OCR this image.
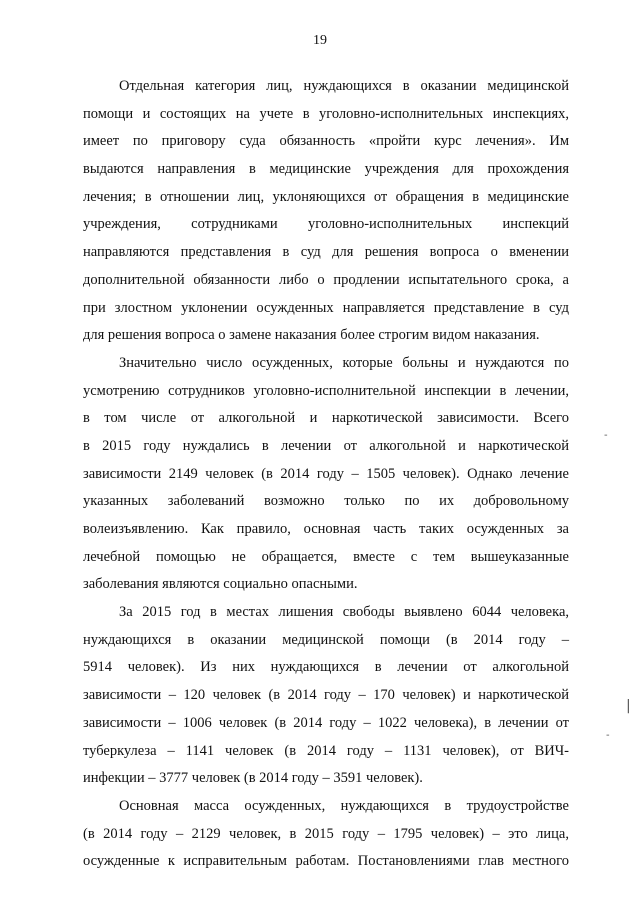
19
Отдельная категория лиц, нуждающихся в оказании медицинской
помощи и состоящих на учете в уголовно-исполнительных инспекциях,
имеет по приговору суда обязанность «пройти курс лечения». Им
выдаются направления в медицинские учреждения для прохождения
лечения; в отношении лиц, уклоняющихся от обращения в медицинские
учреждения, сотрудниками уголовно-исполнительных инспекций
направляются представления в суд для решения вопроса о вменении
дополнительной обязанности либо о продлении испытательного срока, а
при злостном уклонении осужденных направляется представление в суд
для решения вопроса о замене наказания более строгим видом наказания.
Значительно число осужденных, которые больны и нуждаются по
усмотрению сотрудников уголовно-исполнительной инспекции в лечении,
в том числе от алкогольной и наркотической зависимости. Всего
в 2015 году нуждались в лечении от алкогольной и наркотической
зависимости 2149 человек (в 2014 году – 1505 человек). Однако лечение
указанных заболеваний возможно только по их добровольному
волеизъявлению. Как правило, основная часть таких осужденных за
лечебной помощью не обращается, вместе с тем вышеуказанные
заболевания являются социально опасными.
За 2015 год в местах лишения свободы выявлено 6044 человека,
нуждающихся в оказании медицинской помощи (в 2014 году –
5914 человек). Из них нуждающихся в лечении от алкогольной
зависимости – 120 человек (в 2014 году – 170 человек) и наркотической
зависимости – 1006 человек (в 2014 году – 1022 человека), в лечении от
туберкулеза – 1141 человек (в 2014 году – 1131 человек), от ВИЧ-
инфекции – 3777 человек (в 2014 году – 3591 человек).
Основная масса осужденных, нуждающихся в трудоустройстве
(в 2014 году – 2129 человек, в 2015 году – 1795 человек) – это лица,
осужденные к исправительным работам. Постановлениями глав местного
-
|
-
